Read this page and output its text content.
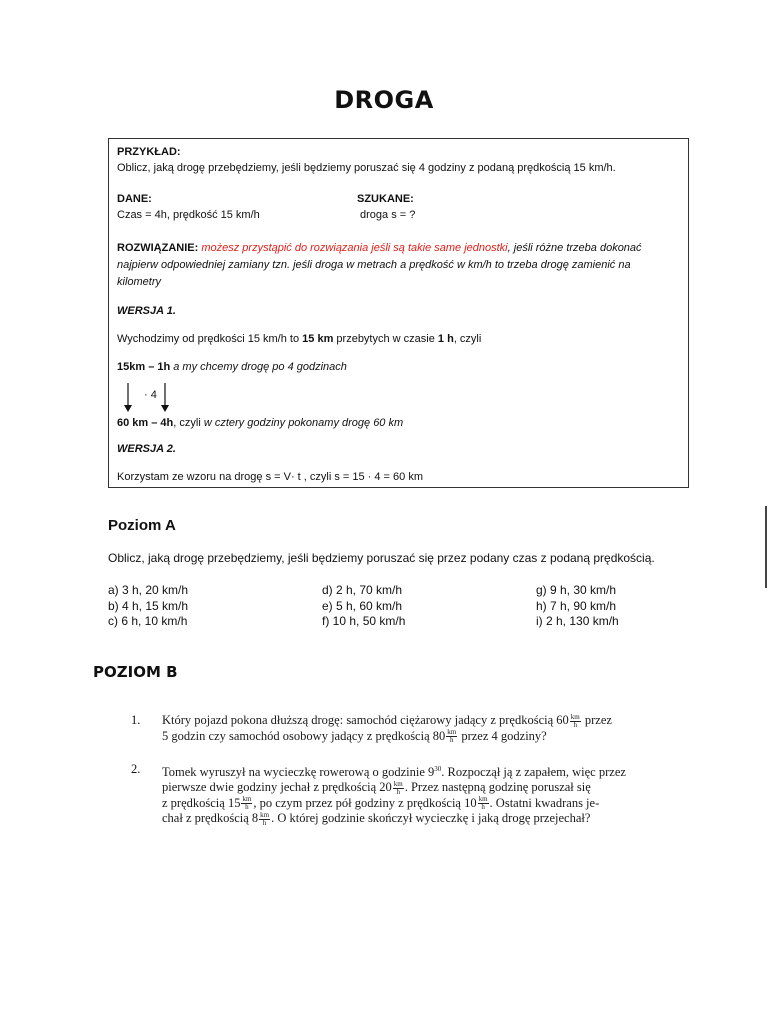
DROGA
PRZYKŁAD:
Oblicz, jaką drogę przebędziemy, jeśli będziemy poruszać się 4 godziny z podaną prędkością 15 km/h.
DANE:
Czas = 4h, prędkość 15 km/h
SZUKANE:
droga s = ?
ROZWIĄZANIE: możesz przystąpić do rozwiązania jeśli są takie same jednostki, jeśli różne trzeba dokonać
najpierw odpowiedniej zamiany tzn. jeśli droga w metrach a prędkość w km/h to trzeba drogę zamienić na
kilometry
WERSJA 1.
Wychodzimy od prędkości 15 km/h to 15 km przebytych w czasie 1 h, czyli
15km – 1h a my chcemy drogę po 4 godzinach
· 4
60 km – 4h, czyli w cztery godziny pokonamy drogę 60 km
WERSJA 2.
Korzystam ze wzoru na drogę s = V· t , czyli s = 15 · 4 = 60 km
Poziom A
Oblicz, jaką drogę przebędziemy, jeśli będziemy poruszać się przez podany czas z podaną prędkością.
a) 3 h, 20 km/h
b) 4 h, 15 km/h
c) 6 h, 10 km/h
d) 2 h, 70 km/h
e) 5 h, 60 km/h
f) 10 h, 50 km/h
g) 9 h, 30 km/h
h) 7 h, 90 km/h
i) 2 h, 130 km/h
POZIOM B
1. Który pojazd pokona dłuższą drogę: samochód ciężarowy jadący z prędkością $60 \frac{km}{h}$ przez
5 godzin czy samochód osobowy jadący z prędkością $80 \frac{km}{h}$ przez 4 godziny?
2. Tomek wyruszył na wycieczkę rowerową o godzinie $9^{30}$. Rozpoczął ją z zapałem, więc przez
pierwsze dwie godziny jechał z prędkością $20 \frac{km}{h}$ . Przez następną godzinę poruszał się
z prędkością $15 \frac{km}{h}$ , po czym przez pół godziny z prędkością $10 \frac{km}{h}$ . Ostatni kwadrans je-
chał z prędkością $8 \frac{km}{h}$ . O której godzinie skończył wycieczkę i jaką drogę przejechał?
